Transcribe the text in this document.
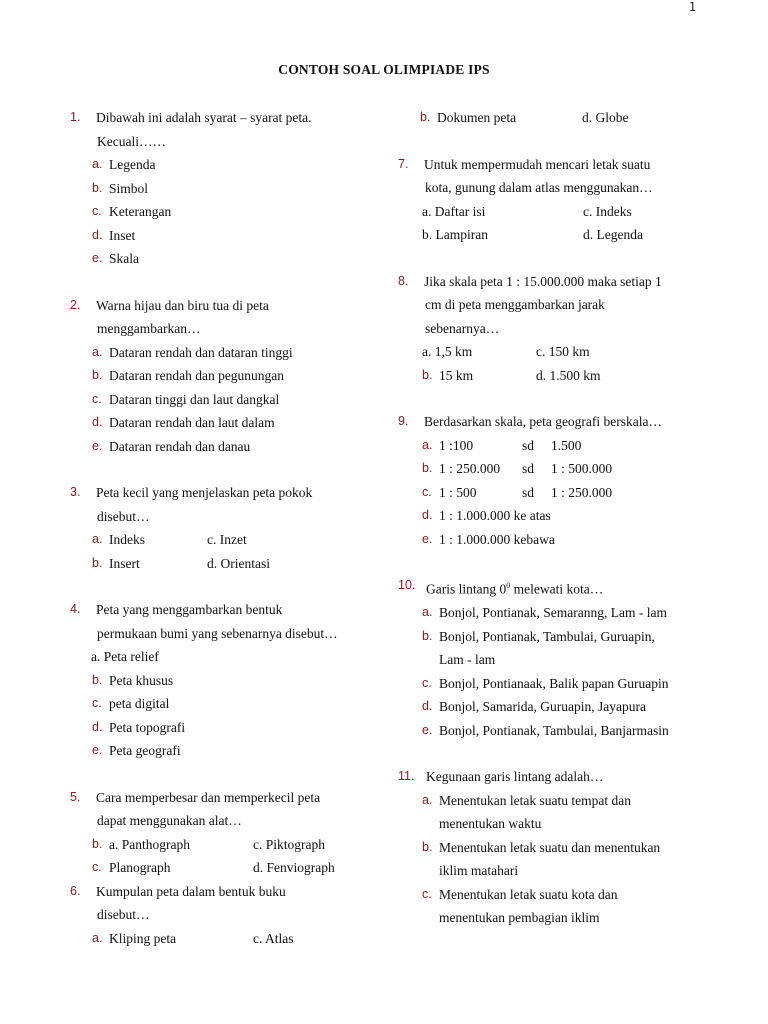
1
CONTOH SOAL OLIMPIADE IPS
1.	Dibawah ini adalah syarat – syarat peta.
Kecuali……
a. Legenda
b. Simbol
c. Keterangan
d. Inset
e. Skala
2.	Warna hijau dan biru tua di peta
menggambarkan…
a. Dataran rendah dan dataran tinggi
b. Dataran rendah dan pegunungan
c. Dataran tinggi dan laut dangkal
d. Dataran rendah dan laut dalam
e. Dataran rendah dan danau
3.	Peta kecil yang menjelaskan peta pokok
disebut…
a. Indeks	c. Inzet
b. Insert	d. Orientasi
4.	Peta yang menggambarkan bentuk
permukaan bumi yang sebenarnya disebut…
a. Peta relief
b. Peta khusus
c. peta digital
d. Peta topografi
e. Peta geografi
5.	Cara memperbesar dan memperkecil peta
dapat menggunakan alat…
b. a. Panthograph	c. Piktograph
c. Planograph	d. Fenviograph
6.	Kumpulan peta dalam bentuk buku
disebut…
a. Kliping peta	c. Atlas
b. Dokumen peta	d. Globe
7.	Untuk mempermudah mencari letak suatu
kota, gunung dalam atlas menggunakan…
a. Daftar isi	c. Indeks
b. Lampiran	d. Legenda
8.	Jika skala peta 1 : 15.000.000 maka setiap 1
cm di peta menggambarkan jarak
sebenarnya…
a. 1,5 km	c. 150 km
b. 15 km	d. 1.500 km
9.	Berdasarkan skala, peta geografi berskala…
a. 1 :100	sd	1.500
b. 1 : 250.000	sd	1 : 500.000
c. 1 : 500	sd	1 : 250.000
d. 1 : 1.000.000 ke atas
e. 1 : 1.000.000 kebawa
10. Garis lintang $0^0$ melewati kota…
a. Bonjol, Pontianak, Semaranng, Lam - lam
b. Bonjol, Pontianak, Tambulai, Guruapin,
Lam - lam
c. Bonjol, Pontianaak, Balik papan Guruapin
d. Bonjol, Samarida, Guruapin, Jayapura
e. Bonjol, Pontianak, Tambulai, Banjarmasin
11. Kegunaan garis lintang adalah…
a. Menentukan letak suatu tempat dan
menentukan waktu
b. Menentukan letak suatu dan menentukan
iklim matahari
c. Menentukan letak suatu kota dan
menentukan pembagian iklim
